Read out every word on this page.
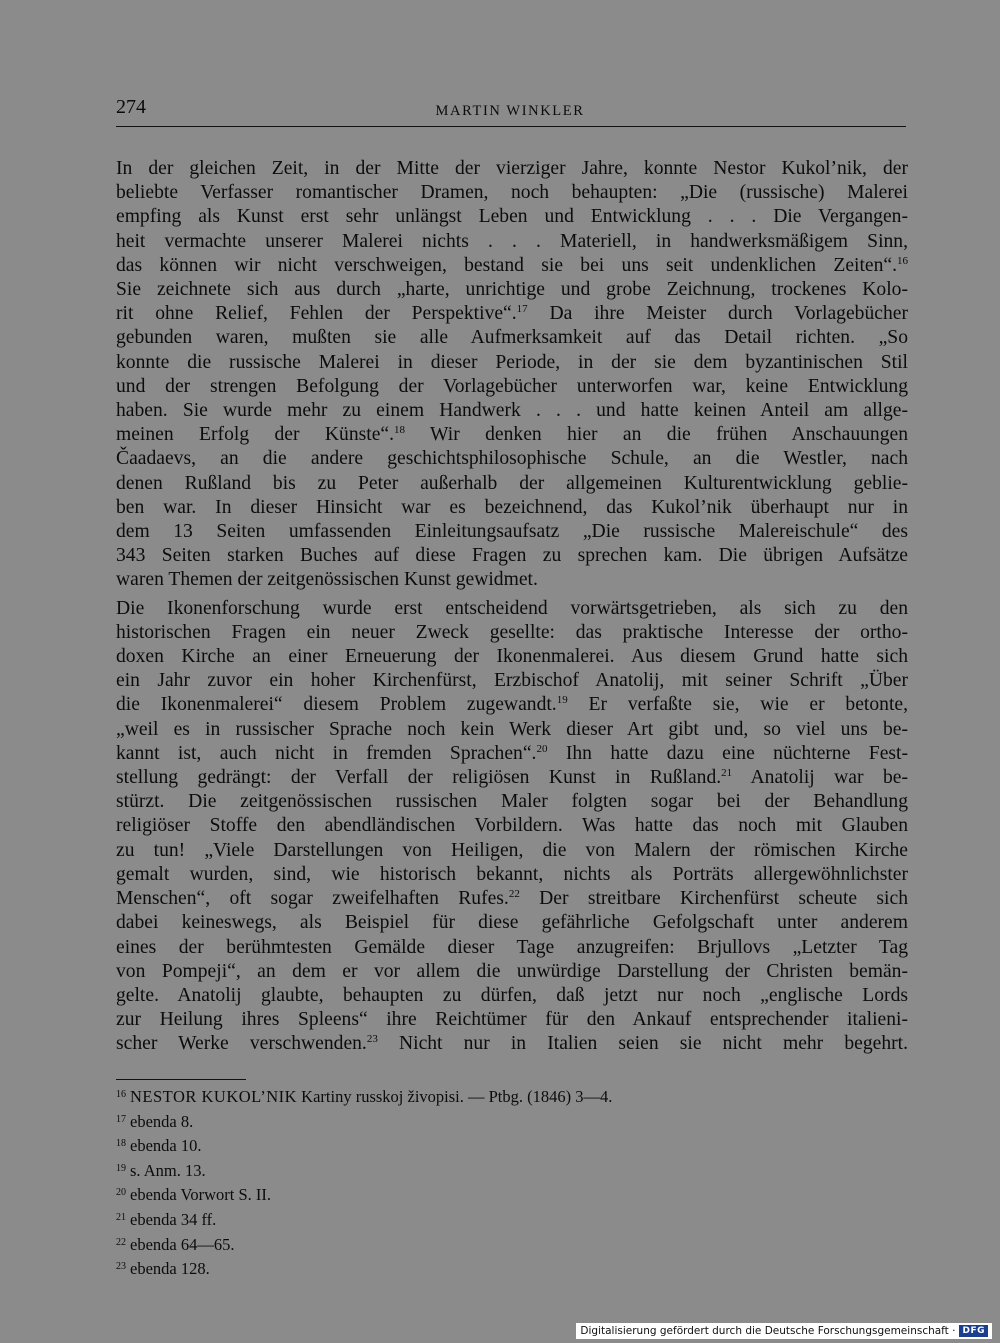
274	MARTIN WINKLER

In der gleichen Zeit, in der Mitte der vierziger Jahre, konnte Nestor Kukol’nik, der
beliebte Verfasser romantischer Dramen, noch behaupten: „Die (russische) Malerei
empfing als Kunst erst sehr unlängst Leben und Entwicklung . . . Die Vergangen-
heit vermachte unserer Malerei nichts . . . Materiell, in handwerksmäßigem Sinn,
das können wir nicht verschweigen, bestand sie bei uns seit undenklichen Zeiten“.$^{16}$
Sie zeichnete sich aus durch „harte, unrichtige und grobe Zeichnung, trockenes Kolo-
rit ohne Relief, Fehlen der Perspektive“.$^{17}$ Da ihre Meister durch Vorlagebücher
gebunden waren, mußten sie alle Aufmerksamkeit auf das Detail richten. „So
konnte die russische Malerei in dieser Periode, in der sie dem byzantinischen Stil
und der strengen Befolgung der Vorlagebücher unterworfen war, keine Entwicklung
haben. Sie wurde mehr zu einem Handwerk . . . und hatte keinen Anteil am allge-
meinen Erfolg der Künste“.$^{18}$ Wir denken hier an die frühen Anschauungen
Čaadaevs, an die andere geschichtsphilosophische Schule, an die Westler, nach
denen Rußland bis zu Peter außerhalb der allgemeinen Kulturentwicklung geblie-
ben war. In dieser Hinsicht war es bezeichnend, das Kukol’nik überhaupt nur in
dem 13 Seiten umfassenden Einleitungsaufsatz „Die russische Malereischule“ des
343 Seiten starken Buches auf diese Fragen zu sprechen kam. Die übrigen Aufsätze
waren Themen der zeitgenössischen Kunst gewidmet.

Die Ikonenforschung wurde erst entscheidend vorwärtsgetrieben, als sich zu den
historischen Fragen ein neuer Zweck gesellte: das praktische Interesse der ortho-
doxen Kirche an einer Erneuerung der Ikonenmalerei. Aus diesem Grund hatte sich
ein Jahr zuvor ein hoher Kirchenfürst, Erzbischof Anatolij, mit seiner Schrift „Über
die Ikonenmalerei“ diesem Problem zugewandt.$^{19}$ Er verfaßte sie, wie er betonte,
„weil es in russischer Sprache noch kein Werk dieser Art gibt und, so viel uns be-
kannt ist, auch nicht in fremden Sprachen“.$^{20}$ Ihn hatte dazu eine nüchterne Fest-
stellung gedrängt: der Verfall der religiösen Kunst in Rußland.$^{21}$ Anatolij war be-
stürzt. Die zeitgenössischen russischen Maler folgten sogar bei der Behandlung
religiöser Stoffe den abendländischen Vorbildern. Was hatte das noch mit Glauben
zu tun! „Viele Darstellungen von Heiligen, die von Malern der römischen Kirche
gemalt wurden, sind, wie historisch bekannt, nichts als Porträts allergewöhnlichster
Menschen“, oft sogar zweifelhaften Rufes.$^{22}$ Der streitbare Kirchenfürst scheute sich
dabei keineswegs, als Beispiel für diese gefährliche Gefolgschaft unter anderem
eines der berühmtesten Gemälde dieser Tage anzugreifen: Brjullovs „Letzter Tag
von Pompeji“, an dem er vor allem die unwürdige Darstellung der Christen bemän-
gelte. Anatolij glaubte, behaupten zu dürfen, daß jetzt nur noch „englische Lords
zur Heilung ihres Spleens“ ihre Reichtümer für den Ankauf entsprechender italieni-
scher Werke verschwenden.$^{23}$ Nicht nur in Italien seien sie nicht mehr begehrt.

$^{16}$ NESTOR KUKOL’NIK Kartiny russkoj živopisi. — Ptbg. (1846) 3—4.
$^{17}$ ebenda 8.
$^{18}$ ebenda 10.
$^{19}$ s. Anm. 13.
$^{20}$ ebenda Vorwort S. II.
$^{21}$ ebenda 34 ff.
$^{22}$ ebenda 64—65.
$^{23}$ ebenda 128.
Digitalisierung gefördert durch die Deutsche Forschungsgemeinschaft · DFG
